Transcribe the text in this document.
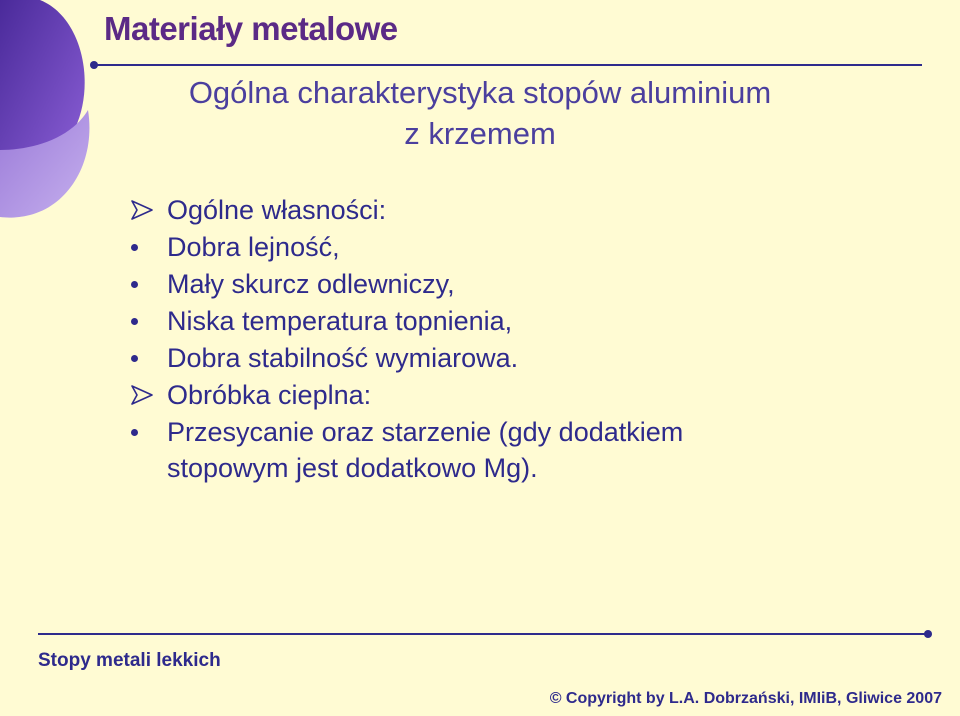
Materiały metalowe
Ogólna charakterystyka stopów aluminium
z krzemem
Ogólne własności:
Dobra lejność,
Mały skurcz odlewniczy,
Niska temperatura topnienia,
Dobra stabilność wymiarowa.
Obróbka cieplna:
Przesycanie oraz starzenie (gdy dodatkiem
stopowym jest dodatkowo Mg).
Stopy metali lekkich
© Copyright by L.A. Dobrzański, IMIiB, Gliwice 2007
